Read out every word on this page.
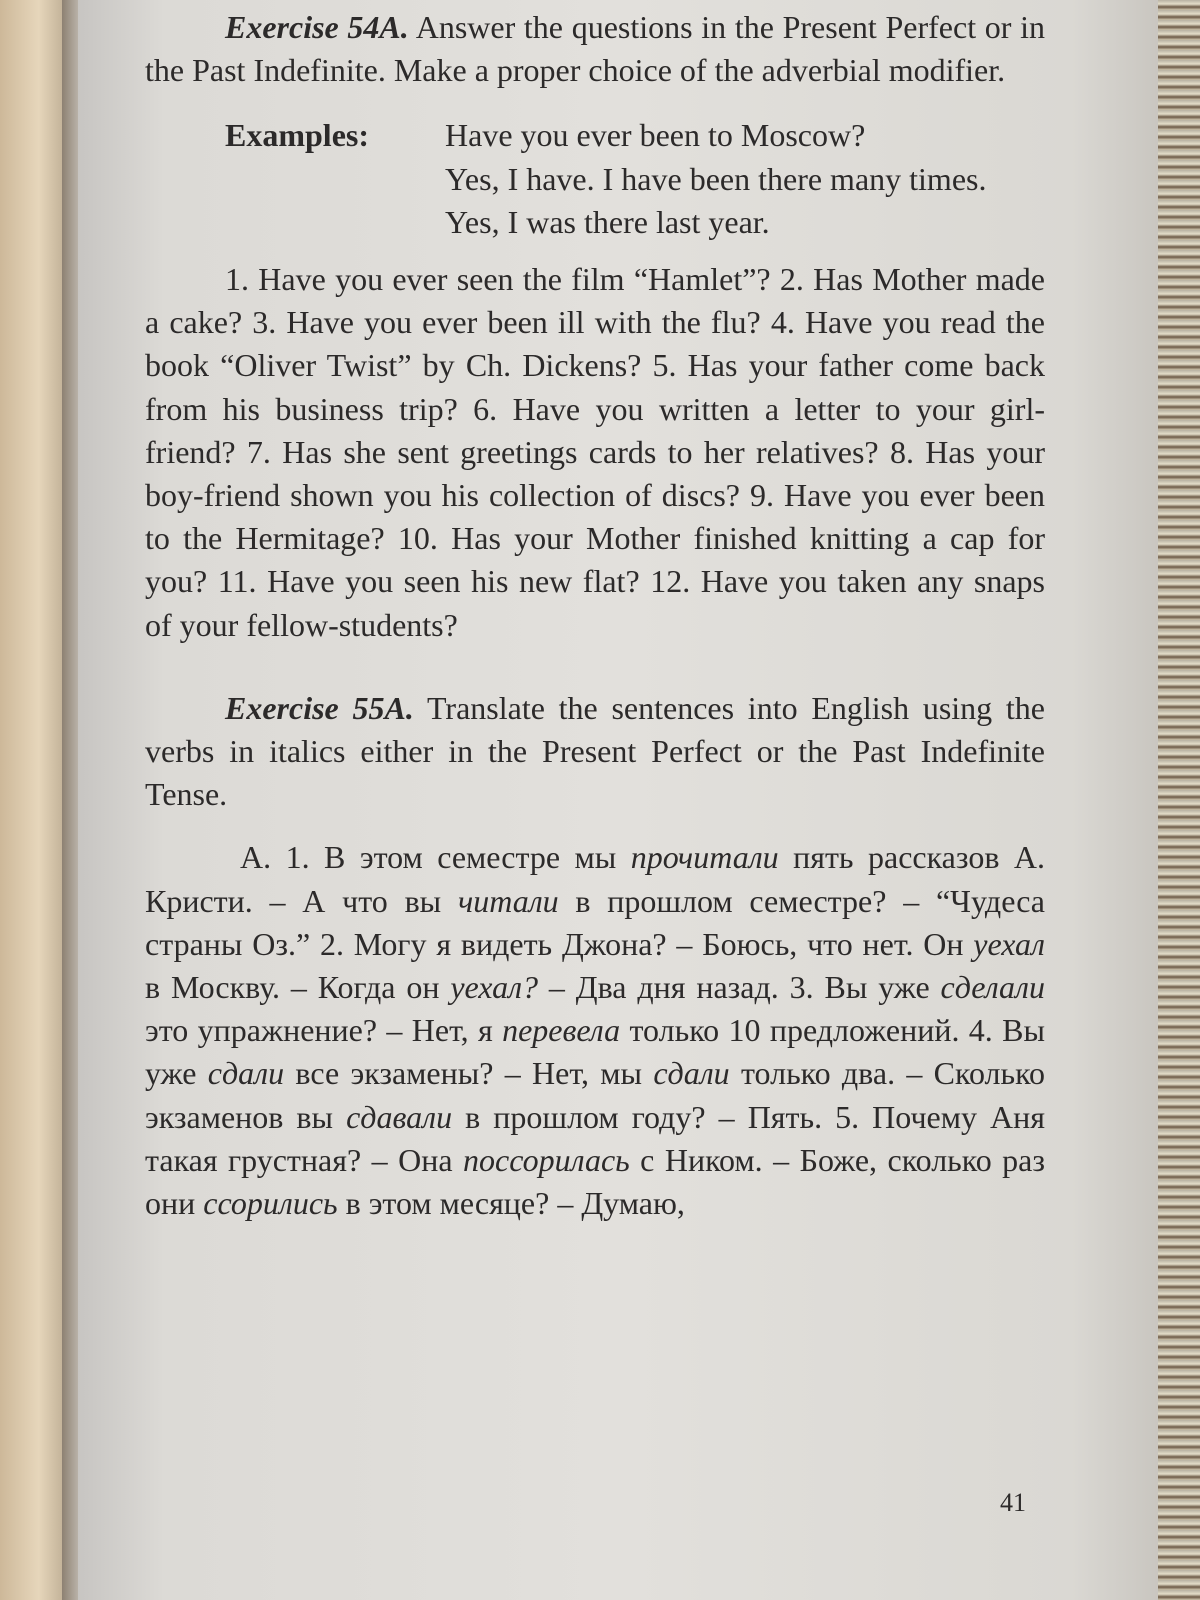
Exercise 54A. Answer the questions in the Present Perfect or in the Past Indefinite. Make a proper choice of the adverbial modifier.

Examples:	Have you ever been to Moscow?

Yes, I have. I have been there many times.

Yes, I was there last year.

1. Have you ever seen the film “Hamlet”? 2. Has Mother made a cake? 3. Have you ever been ill with the flu? 4. Have you read the book “Oliver Twist” by Ch. Dickens? 5. Has your father come back from his business trip? 6. Have you written a letter to your girl-friend? 7. Has she sent greetings cards to her relatives? 8. Has your boy-friend shown you his collection of discs? 9. Have you ever been to the Hermitage? 10. Has your Mother finished knitting a cap for you? 11. Have you seen his new flat? 12. Have you taken any snaps of your fellow-students?

Exercise 55A. Translate the sentences into English using the verbs in italics either in the Present Perfect or the Past Indefinite Tense.

A. 1. В этом семестре мы прочитали пять рассказов А. Кристи. – А что вы читали в прошлом семестре? – “Чудеса страны Оз.” 2. Могу я видеть Джона? – Боюсь, что нет. Он уехал в Москву. – Когда он уехал? – Два дня назад. 3. Вы уже сделали это упражнение? – Нет, я перевела только 10 предложений. 4. Вы уже сдали все экзамены? – Нет, мы сдали только два. – Сколько экзаменов вы сдавали в прошлом году? – Пять. 5. Почему Аня такая грустная? – Она поссорилась с Ником. – Боже, сколько раз они ссорились в этом месяце? – Думаю,

41
